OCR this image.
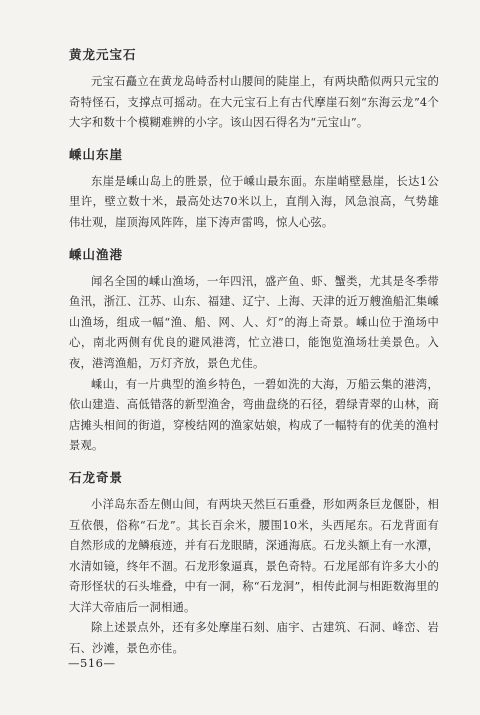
黄龙元宝石

元宝石矗立在黄龙岛峙岙村山腰间的陡崖上，有两块酷似两只元宝的奇特怪石，支撑点可摇动。在大元宝石上有古代摩崖石刻“东海云龙”4个大字和数十个模糊难辨的小字。该山因石得名为“元宝山”。

嵊山东崖

东崖是嵊山岛上的胜景，位于嵊山最东面。东崖峭壁悬崖，长达1公里许，壁立数十米，最高处达70米以上，直削入海，风急浪高，气势雄伟壮观，崖顶海风阵阵，崖下涛声雷鸣，惊人心弦。

嵊山渔港

闻名全国的嵊山渔场，一年四汛，盛产鱼、虾、蟹类，尤其是冬季带鱼汛，浙江、江苏、山东、福建、辽宁、上海、天津的近万艘渔船汇集嵊山渔场，组成一幅“渔、船、网、人、灯”的海上奇景。嵊山位于渔场中心，南北两侧有优良的避风港湾，忙立港口，能饱览渔场壮美景色。入夜，港湾渔船，万灯齐放，景色尤佳。

嵊山，有一片典型的渔乡特色，一碧如洗的大海，万船云集的港湾，依山建造、高低错落的新型渔舍，弯曲盘绕的石径，碧绿青翠的山林，商店摊头相间的街道，穿梭结网的渔家姑娘，构成了一幅特有的优美的渔村景观。

石龙奇景

小洋岛东岙左侧山间，有两块天然巨石重叠，形如两条巨龙偃卧，相互依偎，俗称“石龙”。其长百余米，腰围10米，头西尾东。石龙背面有自然形成的龙鳞痕迹，并有石龙眼睛，深通海底。石龙头额上有一水潭，水清如镜，终年不涸。石龙形象逼真，景色奇特。石龙尾部有许多大小的奇形怪状的石头堆叠，中有一洞，称“石龙洞”，相传此洞与相距数海里的大洋大帝庙后一洞相通。

除上述景点外，还有多处摩崖石刻、庙宇、古建筑、石洞、峰峦、岩石、沙滩，景色亦佳。

—516—
